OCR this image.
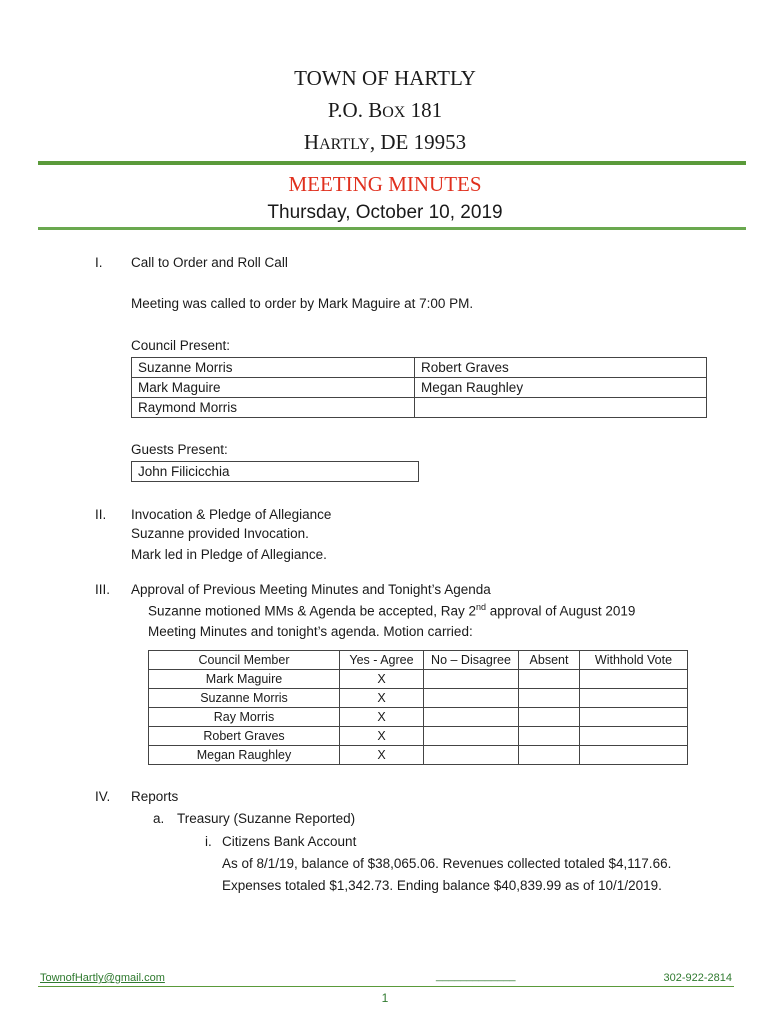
TOWN OF HARTLY
P.O. BOX 181
HARTLY, DE 19953
MEETING MINUTES
Thursday, October 10, 2019
I. Call to Order and Roll Call
Meeting was called to order by Mark Maguire at 7:00 PM.
Council Present:
Suzanne Morris	Robert Graves
Mark Maguire	Megan Raughley
Raymond Morris	
Guests Present:
John Filicicchia
II. Invocation & Pledge of Allegiance
Suzanne provided Invocation.
Mark led in Pledge of Allegiance.
III. Approval of Previous Meeting Minutes and Tonight’s Agenda
Suzanne motioned MMs & Agenda be accepted, Ray 2nd approval of August 2019
Meeting Minutes and tonight’s agenda. Motion carried:
Council Member	Yes - Agree	No – Disagree	Absent	Withhold Vote
Mark Maguire	X			
Suzanne Morris	X			
Ray Morris	X			
Robert Graves	X			
Megan Raughley	X			
IV. Reports
a. Treasury (Suzanne Reported)
i. Citizens Bank Account
As of 8/1/19, balance of $38,065.06. Revenues collected totaled $4,117.66.
Expenses totaled $1,342.73. Ending balance $40,839.99 as of 10/1/2019.
TownofHartly@gmail.com	_____________	302-922-2814
1
